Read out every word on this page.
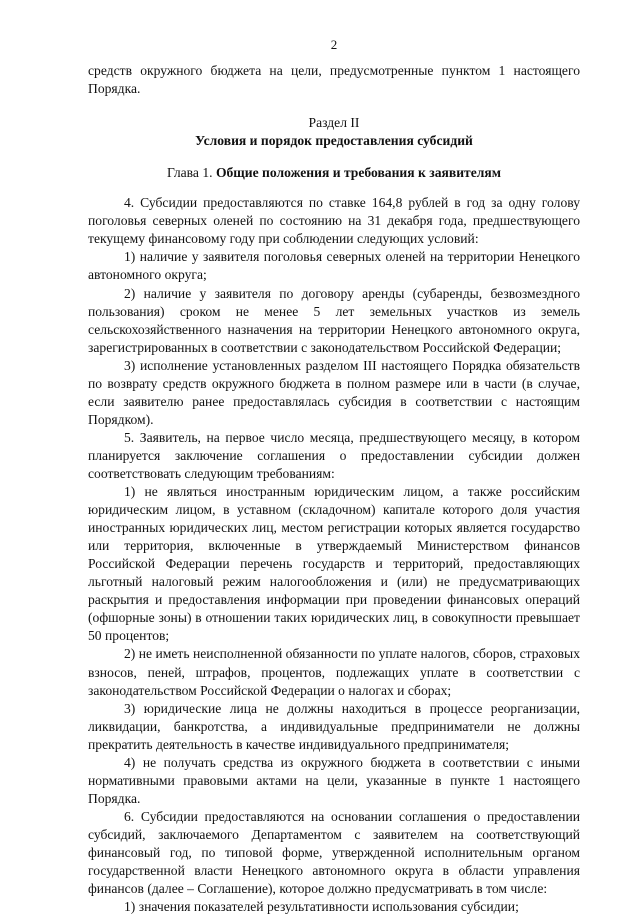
2

средств окружного бюджета на цели, предусмотренные пунктом 1 настоящего Порядка.

Раздел II

Условия и порядок предоставления субсидий

Глава 1. Общие положения и требования к заявителям

4. Субсидии предоставляются по ставке 164,8 рублей в год за одну голову поголовья северных оленей по состоянию на 31 декабря года, предшествующего текущему финансовому году при соблюдении следующих условий:

1) наличие у заявителя поголовья северных оленей на территории Ненецкого автономного округа;

2) наличие у заявителя по договору аренды (субаренды, безвозмездного пользования) сроком не менее 5 лет земельных участков из земель сельскохозяйственного назначения на территории Ненецкого автономного округа, зарегистрированных в соответствии с законодательством Российской Федерации;

3) исполнение установленных разделом III настоящего Порядка обязательств по возврату средств окружного бюджета в полном размере или в части (в случае, если заявителю ранее предоставлялась субсидия в соответствии с настоящим Порядком).

5. Заявитель, на первое число месяца, предшествующего месяцу, в котором планируется заключение соглашения о предоставлении субсидии должен соответствовать следующим требованиям:

1) не являться иностранным юридическим лицом, а также российским юридическим лицом, в уставном (складочном) капитале которого доля участия иностранных юридических лиц, местом регистрации которых является государство или территория, включенные в утверждаемый Министерством финансов Российской Федерации перечень государств и территорий, предоставляющих льготный налоговый режим налогообложения и (или) не предусматривающих раскрытия и предоставления информации при проведении финансовых операций (офшорные зоны) в отношении таких юридических лиц, в совокупности превышает 50 процентов;

2) не иметь неисполненной обязанности по уплате налогов, сборов, страховых взносов, пеней, штрафов, процентов, подлежащих уплате в соответствии с законодательством Российской Федерации о налогах и сборах;

3) юридические лица не должны находиться в процессе реорганизации, ликвидации, банкротства, а индивидуальные предприниматели не должны прекратить деятельность в качестве индивидуального предпринимателя;

4) не получать средства из окружного бюджета в соответствии с иными нормативными правовыми актами на цели, указанные в пункте 1 настоящего Порядка.

6. Субсидии предоставляются на основании соглашения о предоставлении субсидий, заключаемого Департаментом с заявителем на соответствующий финансовый год, по типовой форме, утвержденной исполнительным органом государственной власти Ненецкого автономного округа в области управления финансов (далее – Соглашение), которое должно предусматривать в том числе:

1) значения показателей результативности использования субсидии;
